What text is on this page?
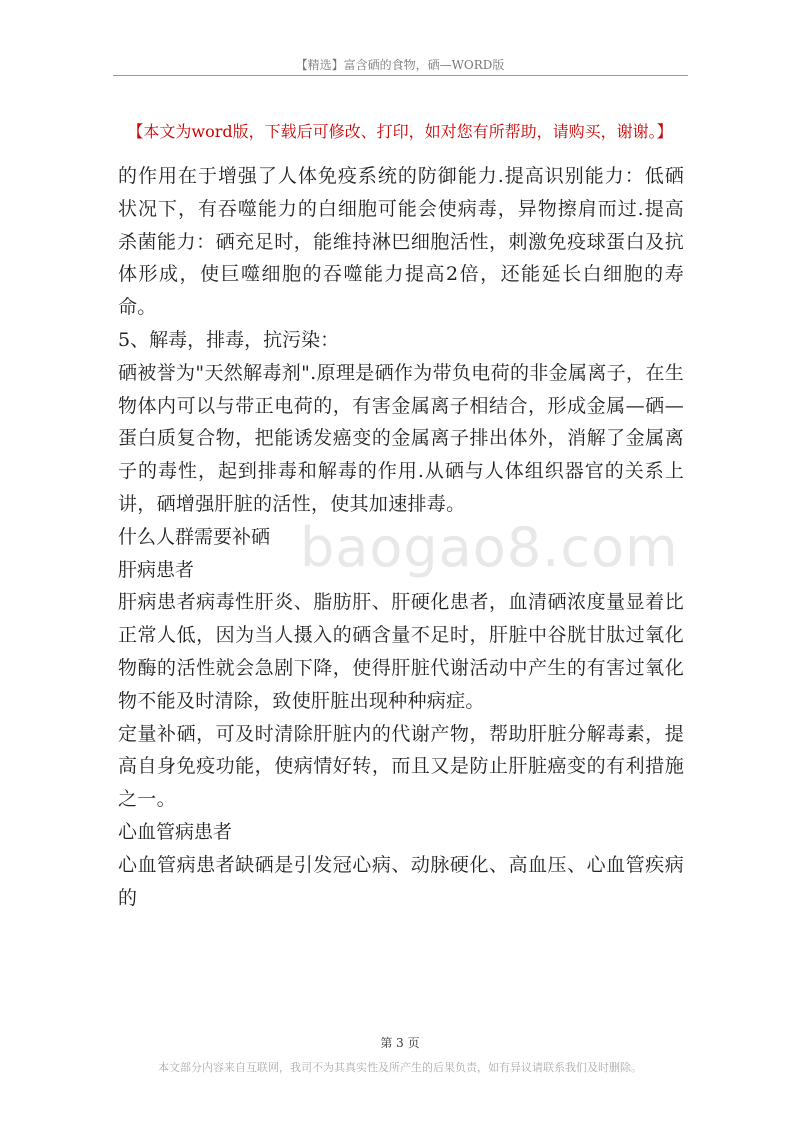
【精选】富含硒的食物，硒—WORD版
【本文为word版，下载后可修改、打印，如对您有所帮助，请购买，谢谢。】

的作用在于增强了人体免疫系统的防御能力.提高识别能力：低硒状况下，有吞噬能力的白细胞可能会使病毒，异物擦肩而过.提高杀菌能力：硒充足时，能维持淋巴细胞活性，刺激免疫球蛋白及抗体形成，使巨噬细胞的吞噬能力提高2倍，还能延长白细胞的寿命。

5、解毒，排毒，抗污染：

硒被誉为"天然解毒剂".原理是硒作为带负电荷的非金属离子，在生物体内可以与带正电荷的，有害金属离子相结合，形成金属—硒—蛋白质复合物，把能诱发癌变的金属离子排出体外，消解了金属离子的毒性，起到排毒和解毒的作用.从硒与人体组织器官的关系上讲，硒增强肝脏的活性，使其加速排毒。

什么人群需要补硒

肝病患者

肝病患者病毒性肝炎、脂肪肝、肝硬化患者，血清硒浓度量显着比正常人低，因为当人摄入的硒含量不足时，肝脏中谷胱甘肽过氧化物酶的活性就会急剧下降，使得肝脏代谢活动中产生的有害过氧化物不能及时清除，致使肝脏出现种种病症。

定量补硒，可及时清除肝脏内的代谢产物，帮助肝脏分解毒素，提高自身免疫功能，使病情好转，而且又是防止肝脏癌变的有利措施之一。

心血管病患者

心血管病患者缺硒是引发冠心病、动脉硬化、高血压、心血管疾病的

baogao8.com
第 3 页
本文部分内容来自互联网，我司不为其真实性及所产生的后果负责，如有异议请联系我们及时删除。
